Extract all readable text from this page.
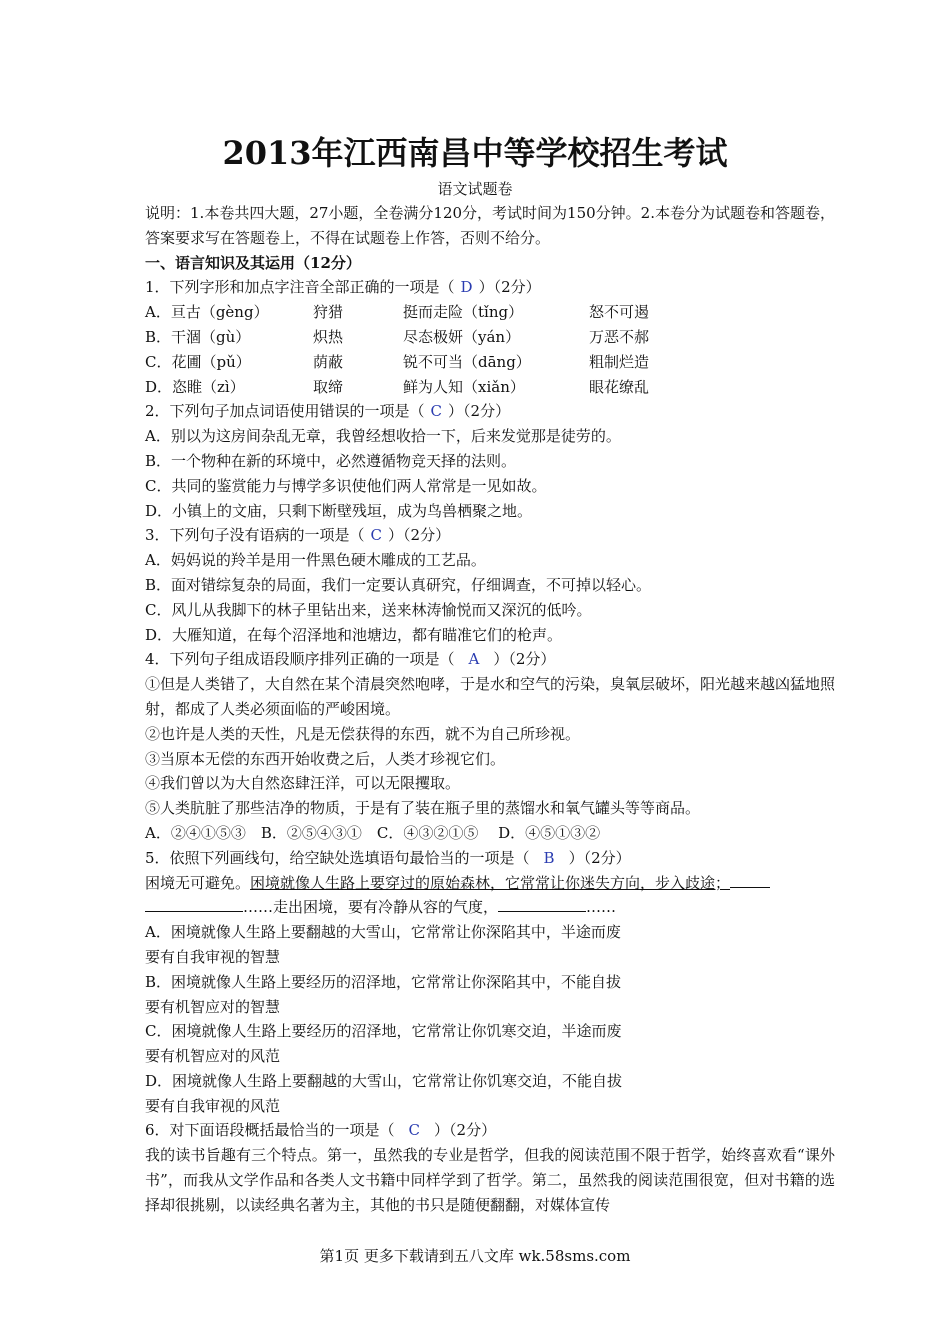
2013年江西南昌中等学校招生考试
语文试题卷

说明：1.本卷共四大题，27小题，全卷满分120分，考试时间为150分钟。2.本卷分为试题卷和答题卷，答案要求写在答题卷上，不得在试题卷上作答，否则不给分。

一、语言知识及其运用（12分）

1．下列字形和加点字注音全部正确的一项是（ D ）（2分）

A．亘古（gèng）	狩猎	挺而走险（tǐng）	怒不可遏
B．干涸（gù）	炽热	尽态极妍（yán）	万恶不郝
C．花圃（pǔ）	荫蔽	锐不可当（dāng）	粗制烂造
D．恣睢（zì）	取缔	鲜为人知（xiǎn）	眼花缭乱

2．下列句子加点词语使用错误的一项是（ C ）（2分）

A．别以为这房间杂乱无章，我曾经想收拾一下，后来发觉那是徒劳的。

B．一个物种在新的环境中，必然遵循物竞天择的法则。

C．共同的鉴赏能力与博学多识使他们两人常常是一见如故。

D．小镇上的文庙，只剩下断壁残垣，成为鸟兽栖聚之地。

3．下列句子没有语病的一项是（ C ）（2分）

A．妈妈说的羚羊是用一件黑色硬木雕成的工艺品。

B．面对错综复杂的局面，我们一定要认真研究，仔细调查，不可掉以轻心。

C．风儿从我脚下的林子里钻出来，送来林涛愉悦而又深沉的低吟。

D．大雁知道，在每个沼泽地和池塘边，都有瞄准它们的枪声。

4．下列句子组成语段顺序排列正确的一项是（ A ）（2分）

①但是人类错了，大自然在某个清晨突然咆哮，于是水和空气的污染，臭氧层破坏，阳光越来越凶猛地照射，都成了人类必须面临的严峻困境。

②也许是人类的天性，凡是无偿获得的东西，就不为自己所珍视。

③当原本无偿的东西开始收费之后，人类才珍视它们。

④我们曾以为大自然恣肆汪洋，可以无限攫取。

⑤人类肮脏了那些洁净的物质，于是有了装在瓶子里的蒸馏水和氧气罐头等等商品。

A．②④①⑤③　B．②⑤④③①　C．④③②①⑤　 D．④⑤①③②

5．依照下列画线句，给空缺处选填语句最恰当的一项是（ B ）（2分）

困境无可避免。困境就像人生路上要穿过的原始森林，它常常让你迷失方向，步入歧途；

……走出困境，要有冷静从容的气度，	……

A．困境就像人生路上要翻越的大雪山，它常常让你深陷其中，半途而废

要有自我审视的智慧

B．困境就像人生路上要经历的沼泽地，它常常让你深陷其中，不能自拔

要有机智应对的智慧

C．困境就像人生路上要经历的沼泽地，它常常让你饥寒交迫，半途而废

要有机智应对的风范

D．困境就像人生路上要翻越的大雪山，它常常让你饥寒交迫，不能自拔

要有自我审视的风范

6．对下面语段概括最恰当的一项是（ C ）（2分）

我的读书旨趣有三个特点。第一，虽然我的专业是哲学，但我的阅读范围不限于哲学，始终喜欢看“课外书”，而我从文学作品和各类人文书籍中同样学到了哲学。第二，虽然我的阅读范围很宽，但对书籍的选择却很挑剔，以读经典名著为主，其他的书只是随便翻翻，对媒体宣传

第1页 更多下载请到五八文库 wk.58sms.com
